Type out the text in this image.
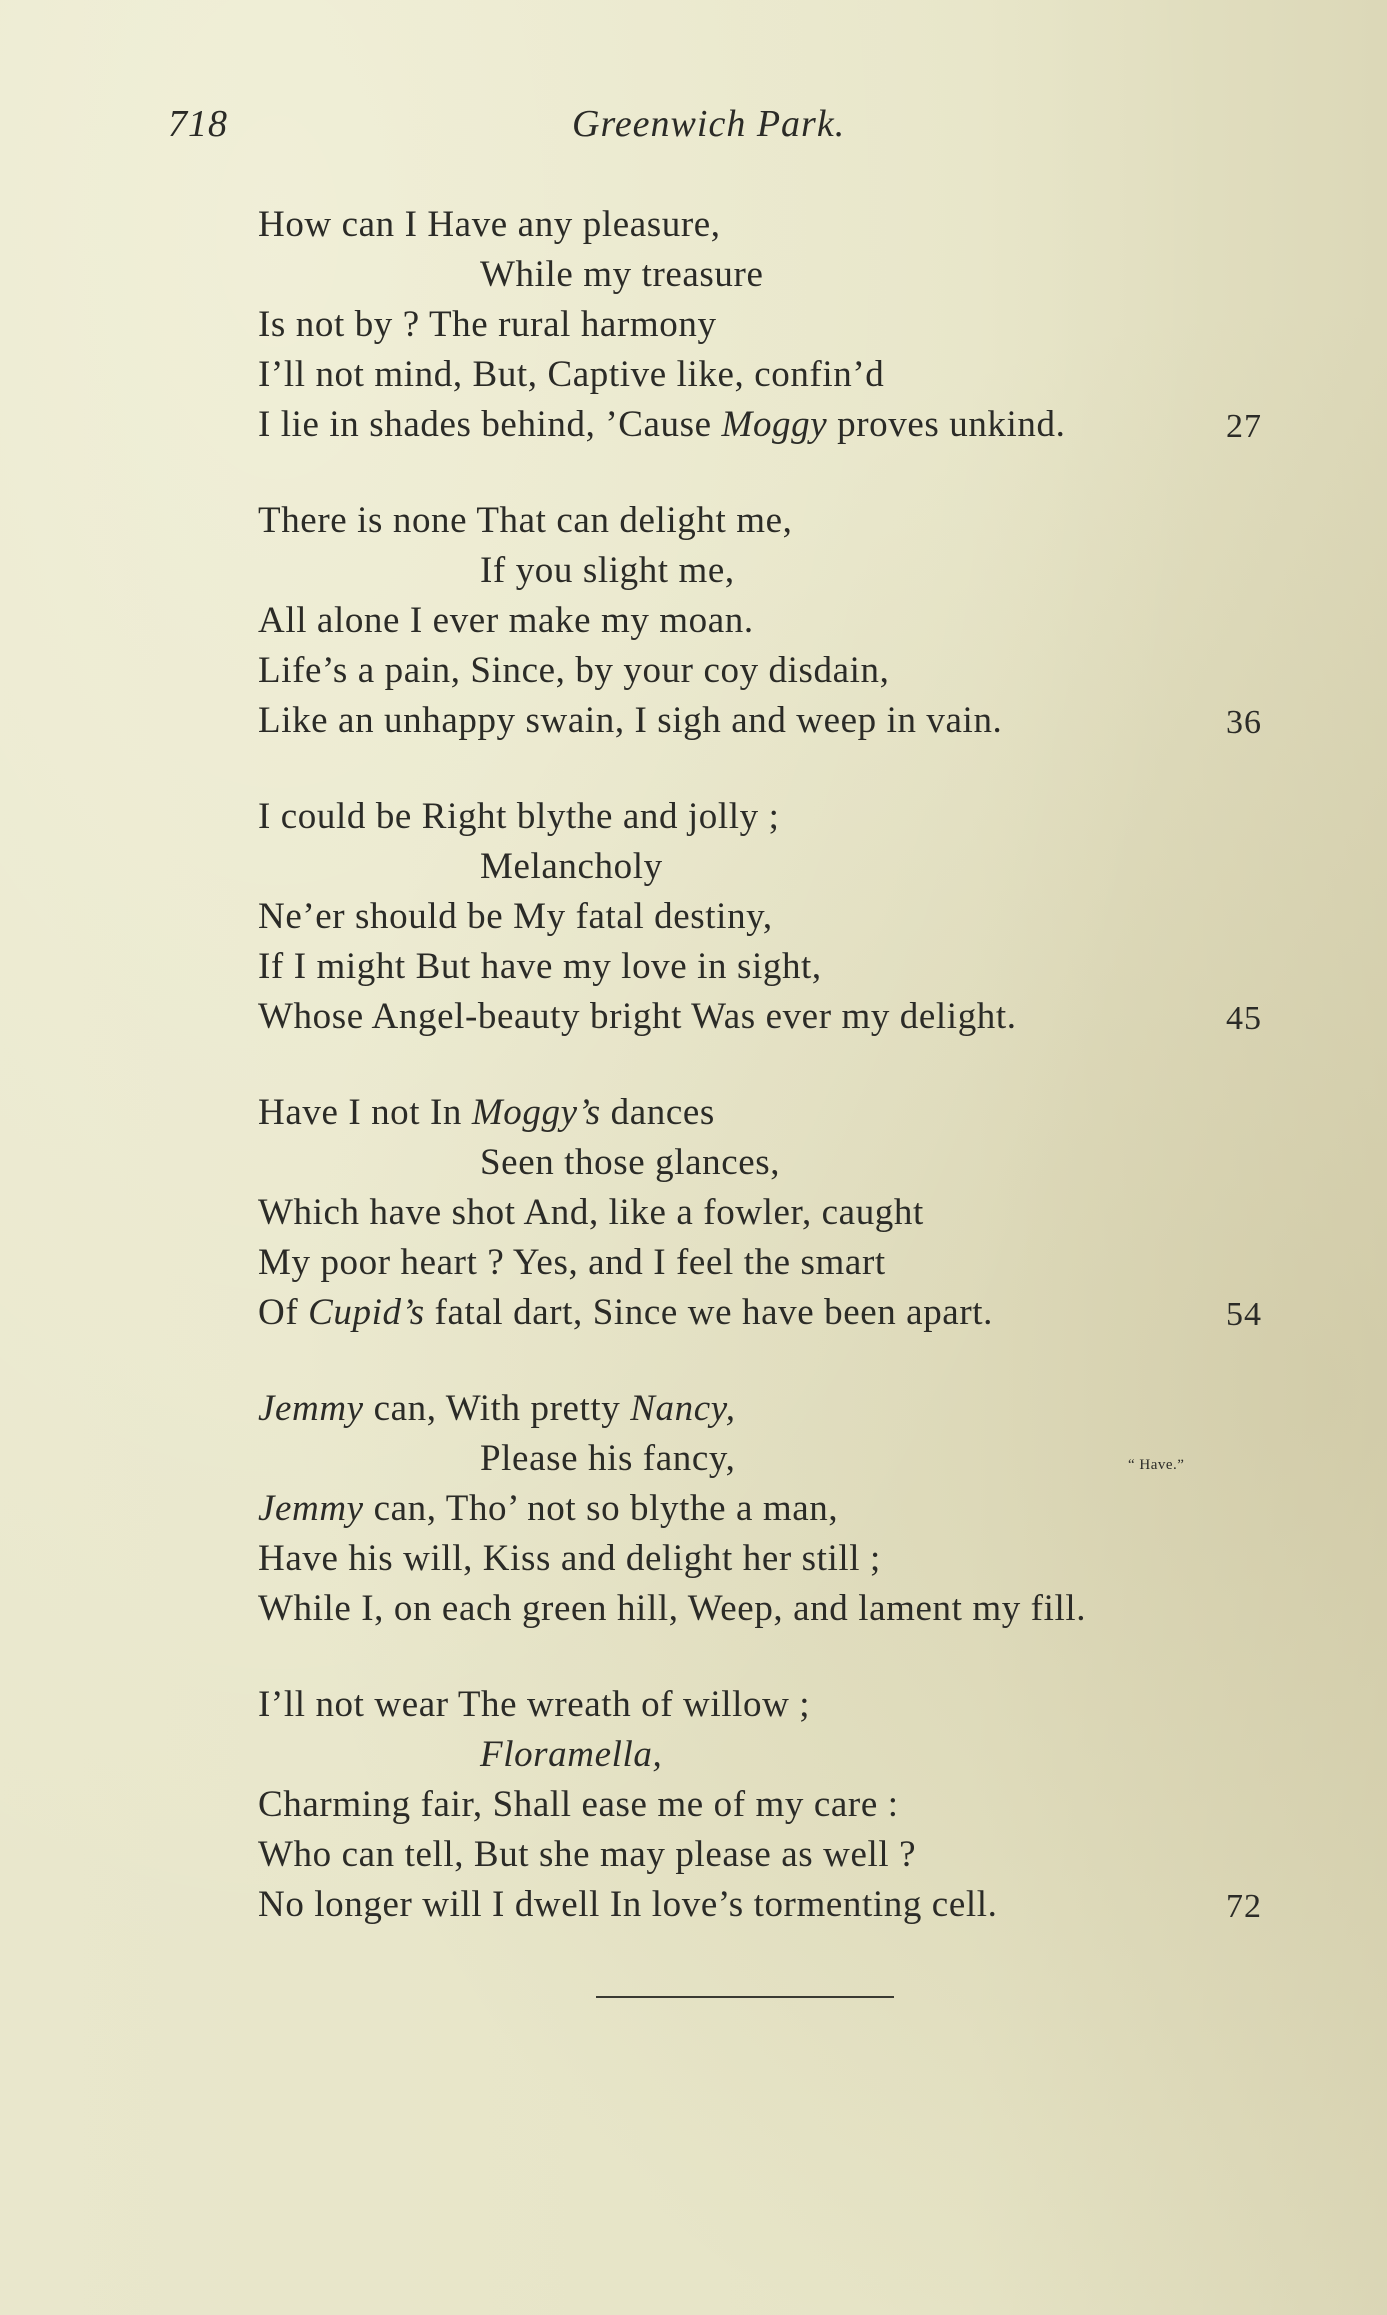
718	Greenwich Park.
How can I Have any pleasure,
While my treasure
Is not by ? The rural harmony
I’ll not mind, But, Captive like, confin’d
I lie in shades behind, ’Cause Moggy proves unkind.	27
There is none That can delight me,
If you slight me,
All alone I ever make my moan.
Life’s a pain, Since, by your coy disdain,
Like an unhappy swain, I sigh and weep in vain.	36
I could be Right blythe and jolly ;
Melancholy
Ne’er should be My fatal destiny,
If I might But have my love in sight,
Whose Angel-beauty bright Was ever my delight.	45
Have I not In Moggy’s dances
Seen those glances,
Which have shot And, like a fowler, caught
My poor heart ? Yes, and I feel the smart
Of Cupid’s fatal dart, Since we have been apart.	54
Jemmy can, With pretty Nancy,
Please his fancy,	“ Have.”
Jemmy can, Tho’ not so blythe a man,
Have his will, Kiss and delight her still ;
While I, on each green hill, Weep, and lament my fill.
I’ll not wear The wreath of willow ;
Floramella,
Charming fair, Shall ease me of my care :
Who can tell, But she may please as well ?
No longer will I dwell In love’s tormenting cell.	72
